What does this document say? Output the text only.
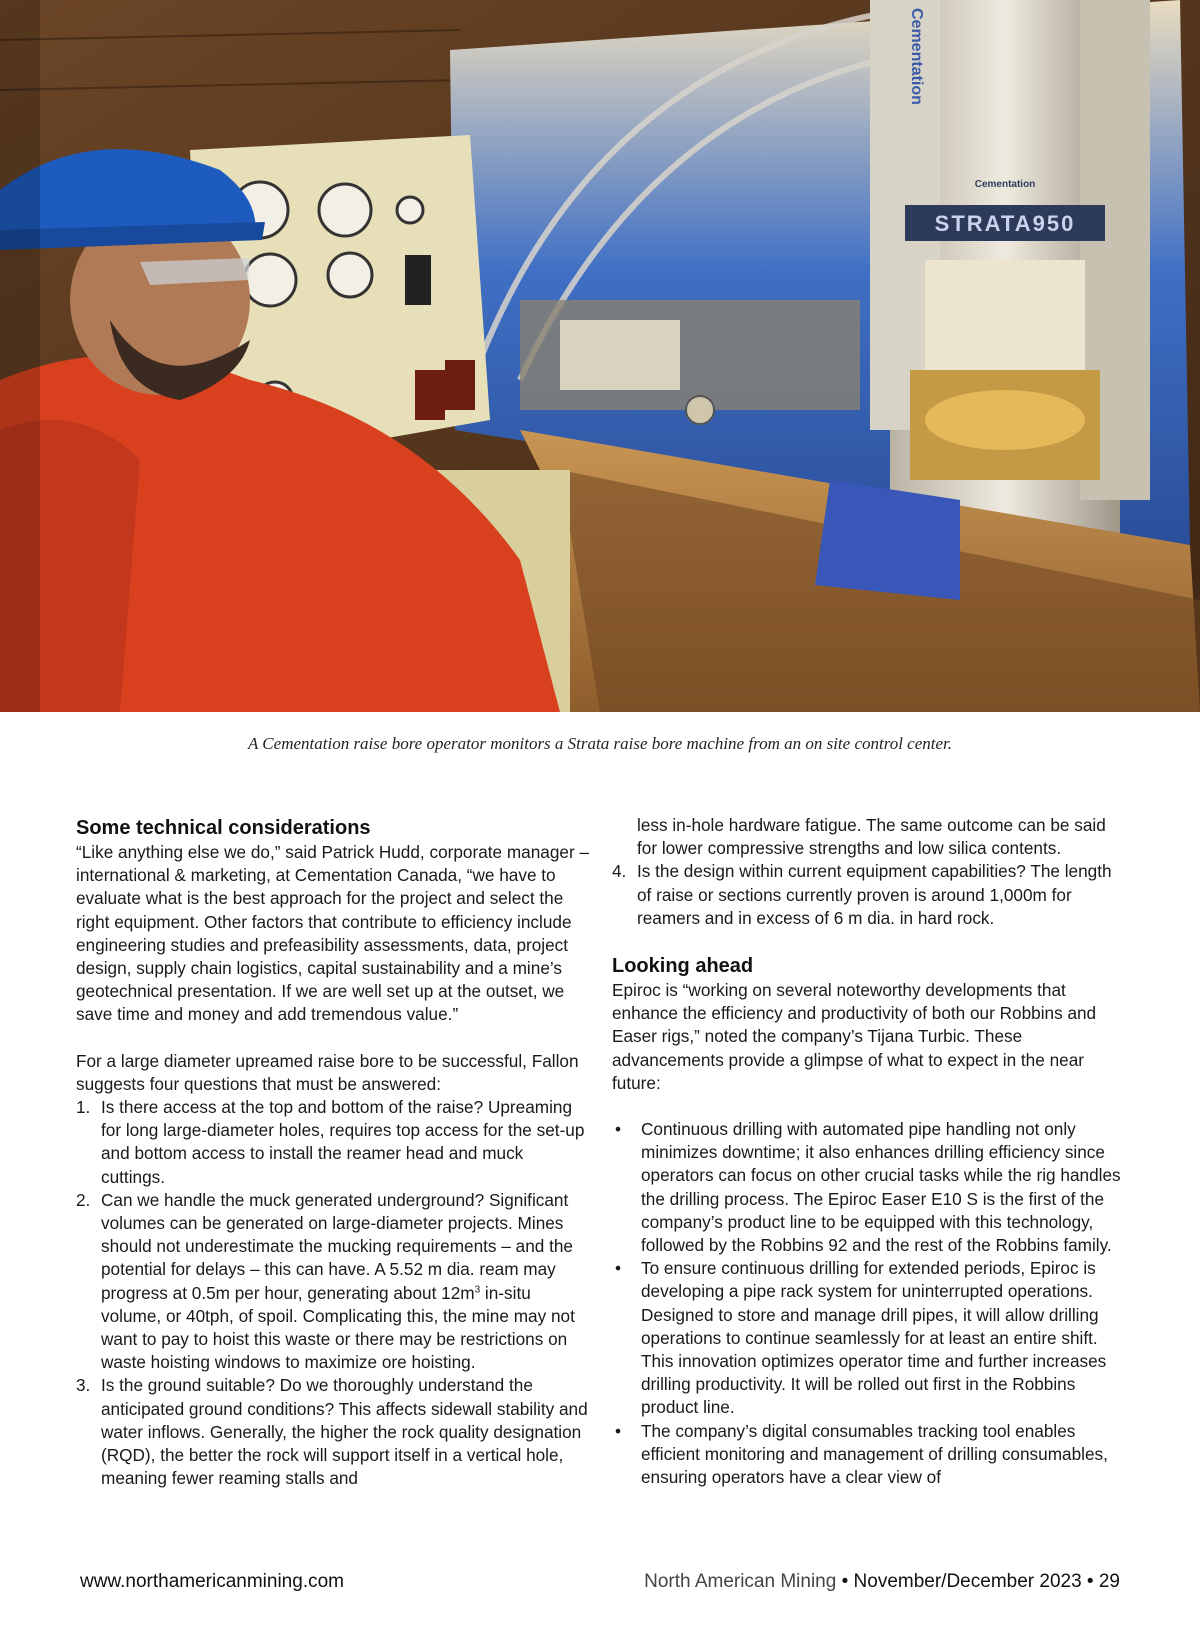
STRATA950
Cementation
Cementation
A Cementation raise bore operator monitors a Strata raise bore machine from an on site control center.
Some technical considerations

“Like anything else we do,” said Patrick Hudd, corporate manager – international & marketing, at Cementation Canada, “we have to evaluate what is the best approach for the project and select the right equipment. Other factors that contribute to efficiency include engineering studies and prefeasibility assessments, data, project design, supply chain logistics, capital sustainability and a mine’s geotechnical presentation. If we are well set up at the outset, we save time and money and add tremendous value.”

For a large diameter upreamed raise bore to be successful, Fallon suggests four questions that must be answered:

1. Is there access at the top and bottom of the raise? Upreaming for long large-diameter holes, requires top access for the set-up and bottom access to install the reamer head and muck cuttings.
2. Can we handle the muck generated underground? Significant volumes can be generated on large-diameter projects. Mines should not underestimate the mucking requirements – and the potential for delays – this can have. A 5.52 m dia. ream may progress at 0.5m per hour, generating about $12m^3$ in-situ volume, or 40tph, of spoil. Complicating this, the mine may not want to pay to hoist this waste or there may be restrictions on waste hoisting windows to maximize ore hoisting.
3. Is the ground suitable? Do we thoroughly understand the anticipated ground conditions? This affects sidewall stability and water inflows. Generally, the higher the rock quality designation (RQD), the better the rock will support itself in a vertical hole, meaning fewer reaming stalls and

less in-hole hardware fatigue. The same outcome can be said for lower compressive strengths and low silica contents.

4. Is the design within current equipment capabilities? The length of raise or sections currently proven is around 1,000m for reamers and in excess of 6 m dia. in hard rock.
Looking ahead

Epiroc is “working on several noteworthy developments that enhance the efficiency and productivity of both our Robbins and Easer rigs,” noted the company’s Tijana Turbic. These advancements provide a glimpse of what to expect in the near future:

• Continuous drilling with automated pipe handling not only minimizes downtime; it also enhances drilling efficiency since operators can focus on other crucial tasks while the rig handles the drilling process. The Epiroc Easer E10 S is the first of the company’s product line to be equipped with this technology, followed by the Robbins 92 and the rest of the Robbins family.
• To ensure continuous drilling for extended periods, Epiroc is developing a pipe rack system for uninterrupted operations. Designed to store and manage drill pipes, it will allow drilling operations to continue seamlessly for at least an entire shift. This innovation optimizes operator time and further increases drilling productivity. It will be rolled out first in the Robbins product line.
• The company’s digital consumables tracking tool enables efficient monitoring and management of drilling consumables, ensuring operators have a clear view of
www.northamericanmining.com	North American Mining • November/December 2023 • 29
